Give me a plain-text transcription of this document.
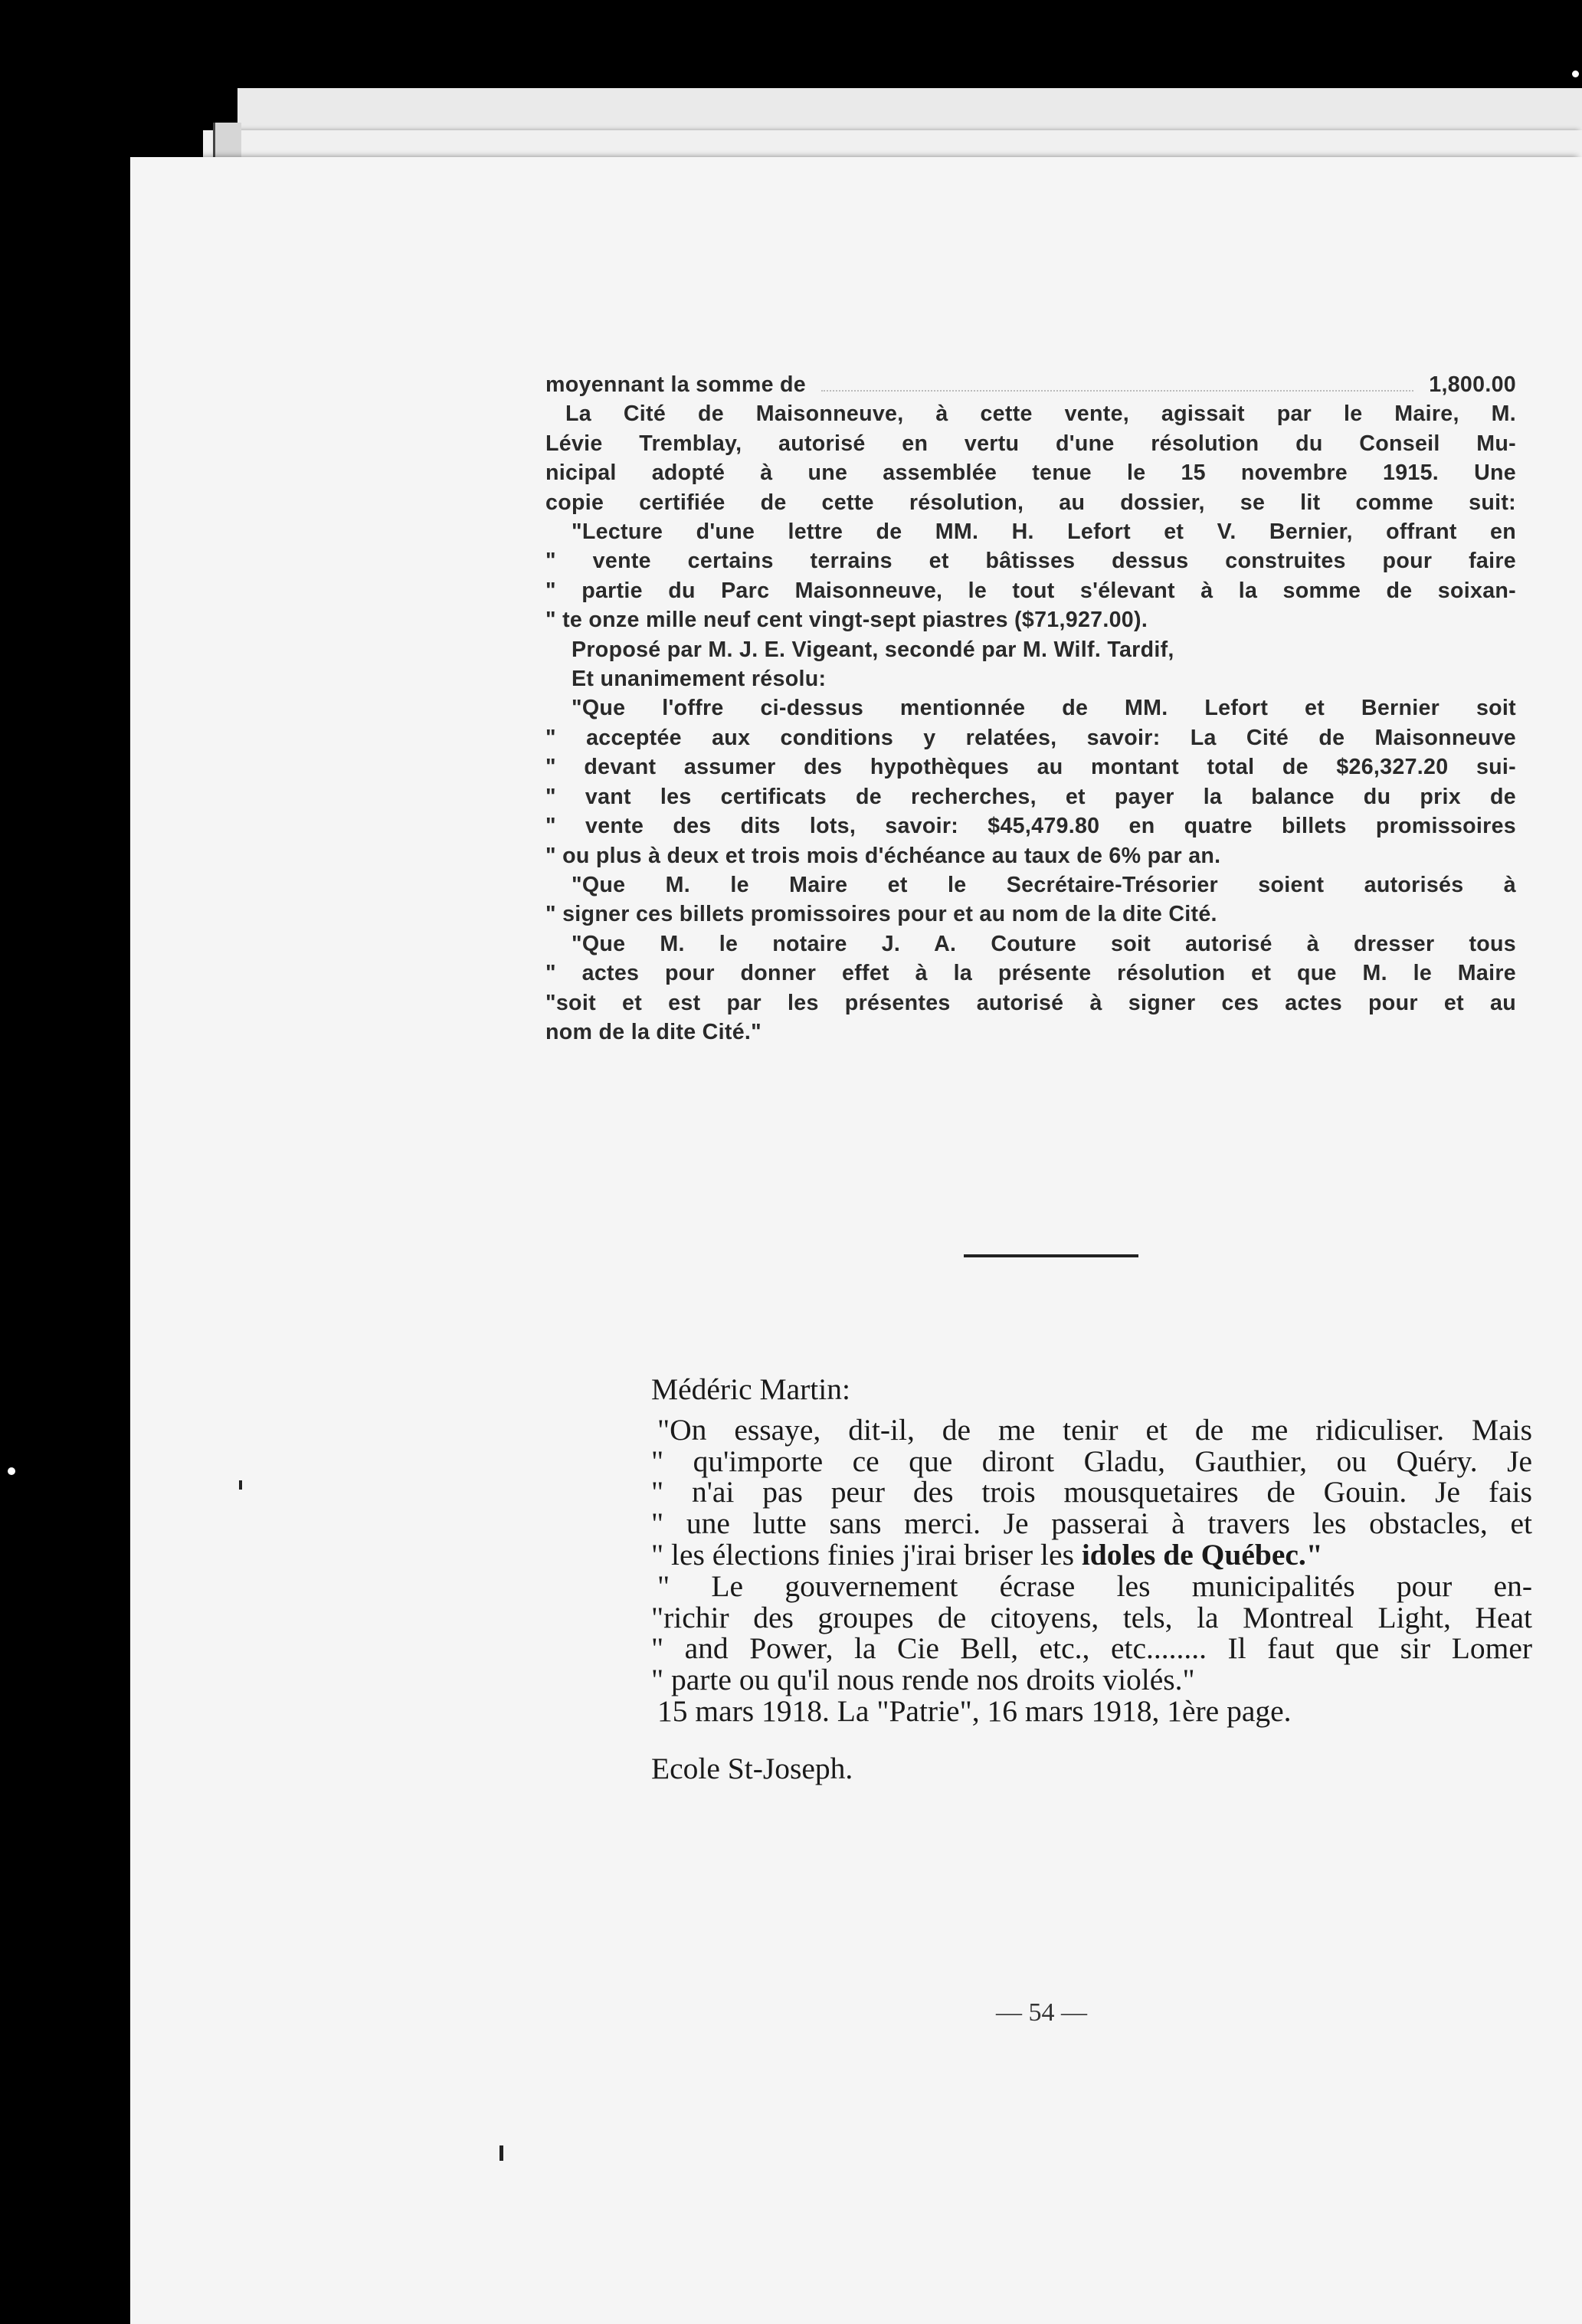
moyennant la somme de	1,800.00

La Cité de Maisonneuve, à cette vente, agissait par le Maire, M.

Lévie Tremblay, autorisé en vertu d'une résolution du Conseil Mu-

nicipal adopté à une assemblée tenue le 15 novembre 1915. Une

copie certifiée de cette résolution, au dossier, se lit comme suit:

"Lecture d'une lettre de MM. H. Lefort et V. Bernier, offrant en

" vente certains terrains et bâtisses dessus construites pour faire

" partie du Parc Maisonneuve, le tout s'élevant à la somme de soixan-

" te onze mille neuf cent vingt-sept piastres ($71,927.00).

Proposé par M. J. E. Vigeant, secondé par M. Wilf. Tardif,

Et unanimement résolu:

"Que l'offre ci-dessus mentionnée de MM. Lefort et Bernier soit

" acceptée aux conditions y relatées, savoir: La Cité de Maisonneuve

" devant assumer des hypothèques au montant total de $26,327.20 sui-

" vant les certificats de recherches, et payer la balance du prix de

" vente des dits lots, savoir: $45,479.80 en quatre billets promissoires

" ou plus à deux et trois mois d'échéance au taux de 6% par an.

"Que M. le Maire et le Secrétaire-Trésorier soient autorisés à

" signer ces billets promissoires pour et au nom de la dite Cité.

"Que M. le notaire J. A. Couture soit autorisé à dresser tous

" actes pour donner effet à la présente résolution et que M. le Maire

"soit et est par les présentes autorisé à signer ces actes pour et au

nom de la dite Cité."

Médéric Martin:

"On essaye, dit-il, de me tenir et de me ridiculiser. Mais

" qu'importe ce que diront Gladu, Gauthier, ou Quéry. Je

" n'ai pas peur des trois mousquetaires de Gouin. Je fais

" une lutte sans merci. Je passerai à travers les obstacles, et

" les élections finies j'irai briser les idoles de Québec."

" Le gouvernement écrase les municipalités pour en-

"richir des groupes de citoyens, tels, la Montreal Light, Heat

" and Power, la Cie Bell, etc., etc........ Il faut que sir Lomer

" parte ou qu'il nous rende nos droits violés."

15 mars 1918. La "Patrie", 16 mars 1918, 1ère page.

Ecole St-Joseph.

— 54 —
